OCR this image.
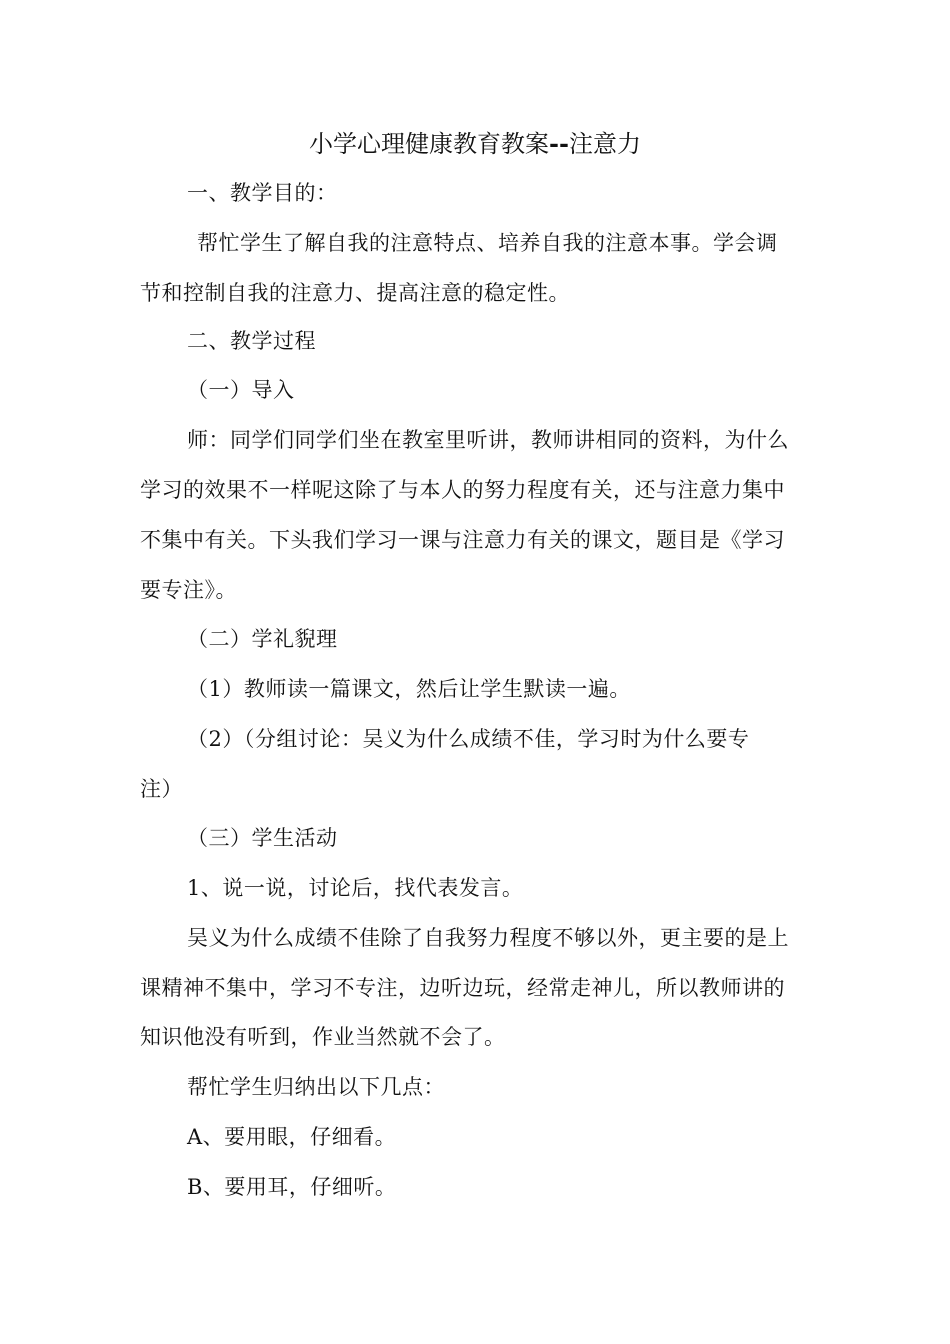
小学心理健康教育教案--注意力
一、教学目的：
帮忙学生了解自我的注意特点、培养自我的注意本事。学会调
节和控制自我的注意力、提高注意的稳定性。
二、教学过程
（一）导入
师：同学们同学们坐在教室里听讲，教师讲相同的资料，为什么
学习的效果不一样呢这除了与本人的努力程度有关，还与注意力集中
不集中有关。下头我们学习一课与注意力有关的课文，题目是《学习
要专注》。
（二）学礼貎理
（1）教师读一篇课文，然后让学生默读一遍。
（2）（分组讨论：吴义为什么成绩不佳，学习时为什么要专
注）
（三）学生活动
1、说一说，讨论后，找代表发言。
吴义为什么成绩不佳除了自我努力程度不够以外，更主要的是上
课精神不集中，学习不专注，边听边玩，经常走神儿，所以教师讲的
知识他没有听到，作业当然就不会了。
帮忙学生归纳出以下几点：
A、要用眼，仔细看。
B、要用耳，仔细听。
